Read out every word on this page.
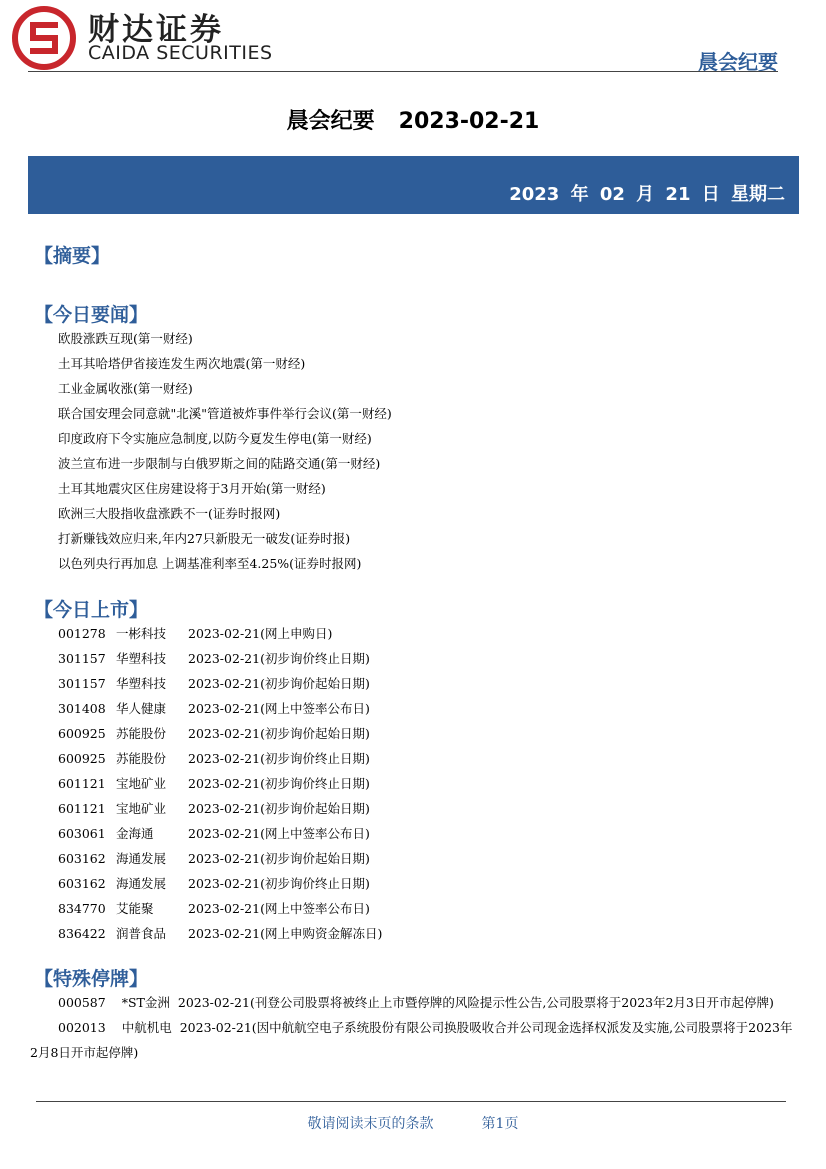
财达证券
CAIDA SECURITIES	晨会纪要
晨会纪要 2023-02-21
2023 年 02 月 21 日 星期二
【摘要】
【今日要闻】
欧股涨跌互现(第一财经)
土耳其哈塔伊省接连发生两次地震(第一财经)
工业金属收涨(第一财经)
联合国安理会同意就"北溪"管道被炸事件举行会议(第一财经)
印度政府下令实施应急制度,以防今夏发生停电(第一财经)
波兰宣布进一步限制与白俄罗斯之间的陆路交通(第一财经)
土耳其地震灾区住房建设将于3月开始(第一财经)
欧洲三大股指收盘涨跌不一(证券时报网)
打新赚钱效应归来,年内27只新股无一破发(证券时报)
以色列央行再加息 上调基准利率至4.25%(证券时报网)
【今日上市】
001278 一彬科技 2023-02-21(网上申购日)
301157 华塑科技 2023-02-21(初步询价终止日期)
301157 华塑科技 2023-02-21(初步询价起始日期)
301408 华人健康 2023-02-21(网上中签率公布日)
600925 苏能股份 2023-02-21(初步询价起始日期)
600925 苏能股份 2023-02-21(初步询价终止日期)
601121 宝地矿业 2023-02-21(初步询价终止日期)
601121 宝地矿业 2023-02-21(初步询价起始日期)
603061 金海通	2023-02-21(网上中签率公布日)
603162 海通发展 2023-02-21(初步询价起始日期)
603162 海通发展 2023-02-21(初步询价终止日期)
834770 艾能聚	2023-02-21(网上中签率公布日)
836422 润普食品 2023-02-21(网上申购资金解冻日)
【特殊停牌】

000587 *ST金洲 2023-02-21(刊登公司股票将被终止上市暨停牌的风险提示性公告,公司股票将于2023年2月3日开市起停牌)

002013 中航机电 2023-02-21(因中航航空电子系统股份有限公司换股吸收合并公司现金选择权派发及实施,公司股票将于2023年2月8日开市起停牌)

敬请阅读末页的条款	第1页
